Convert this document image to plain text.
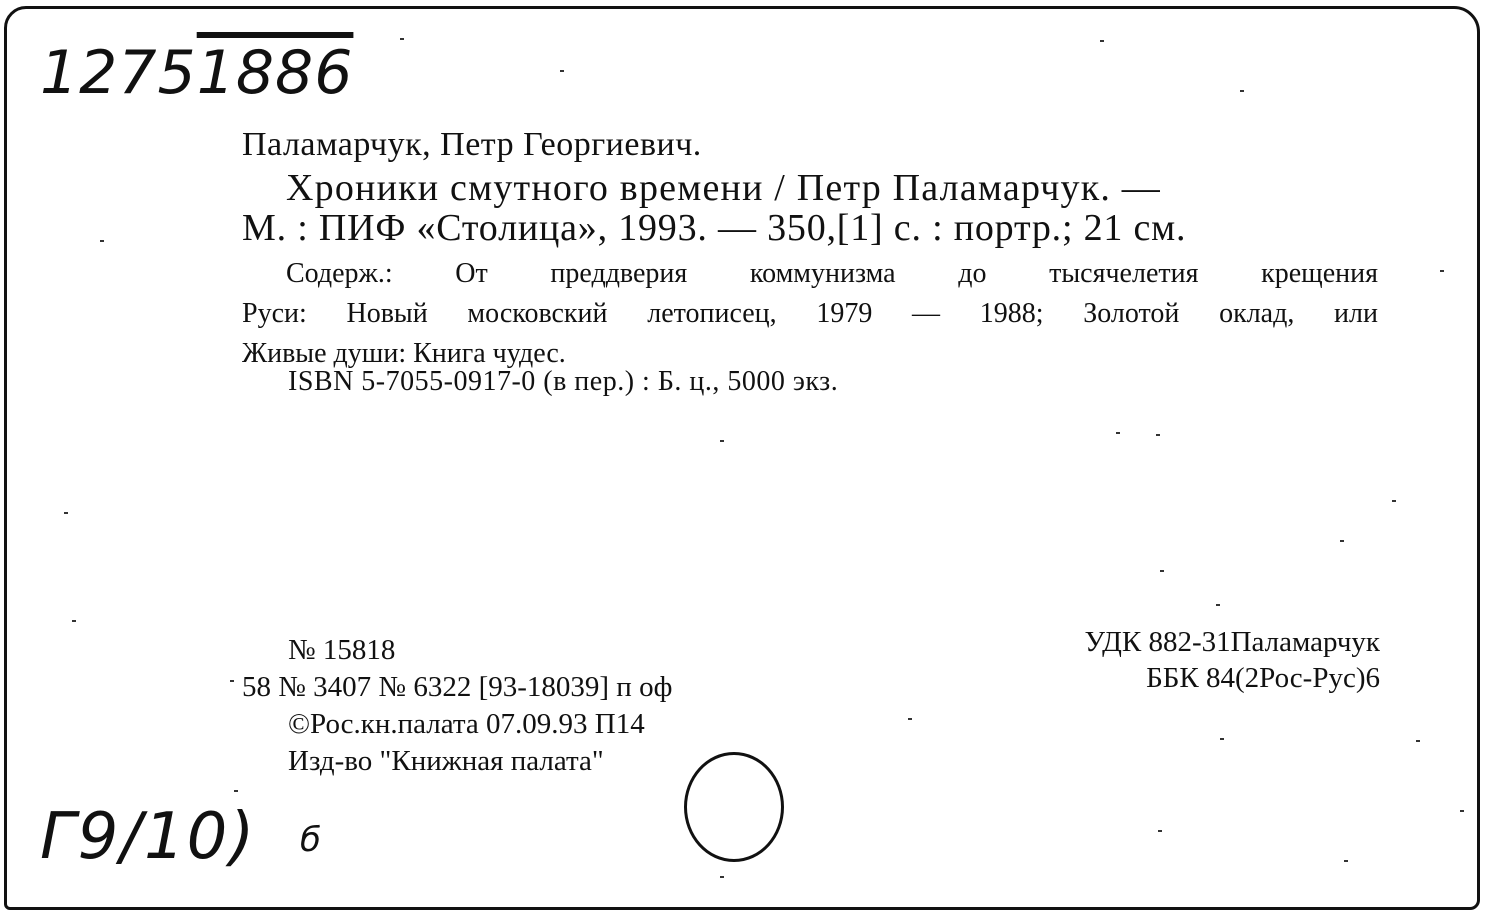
12751886
Паламарчук, Петр Георгиевич.
Хроники смутного времени / Петр Паламарчук. —
М. : ПИФ «Столица», 1993. — 350,[1] с. : портр.; 21 см.
Содерж.: От преддверия коммунизма до тысячелетия крещения
Руси: Новый московский летописец, 1979 — 1988; Золотой оклад, или
Живые души: Книга чудес.
ISBN 5-7055-0917-0 (в пер.) : Б. ц., 5000 экз.
№ 15818
58 № 3407 № 6322 [93-18039] п оф
©Рос.кн.палата 07.09.93 П14
Изд-во "Книжная палата"
УДК 882-31Паламарчук
ББК 84(2Рос-Рус)6
Г9/10) б
